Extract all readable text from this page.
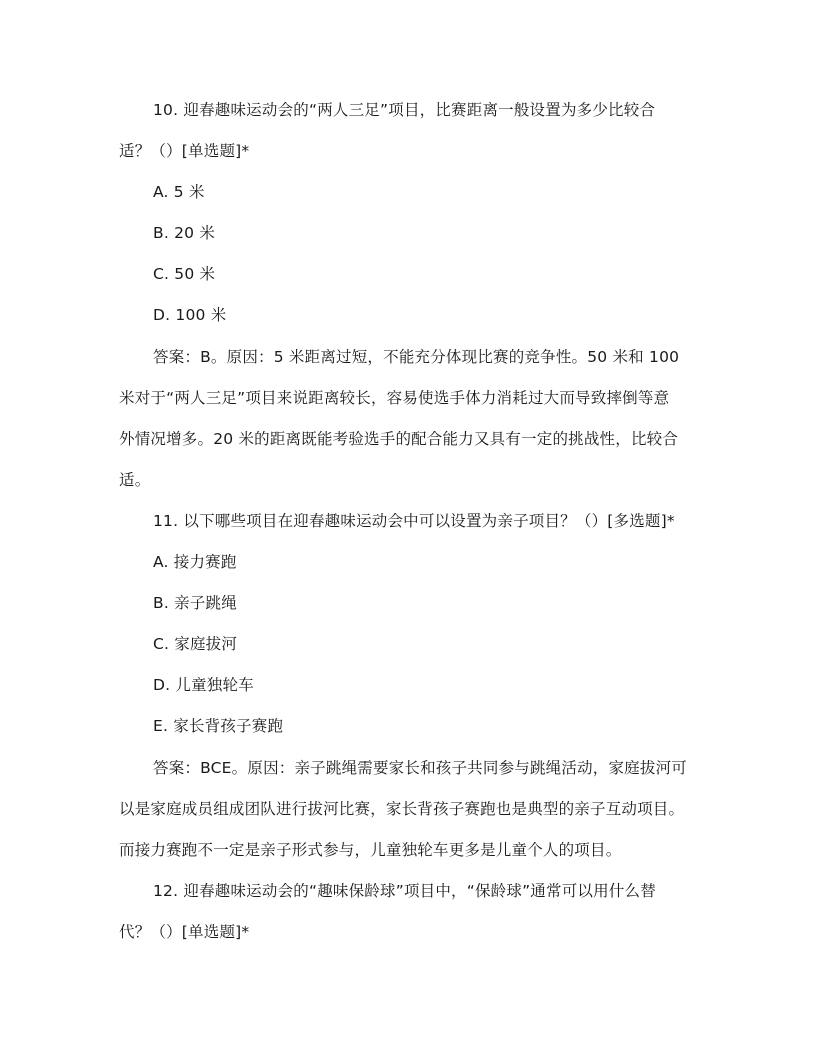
10. 迎春趣味运动会的“两人三足”项目，比赛距离一般设置为多少比较合
适？（）[单选题]*
A. 5 米
B. 20 米
C. 50 米
D. 100 米
答案：B。原因：5 米距离过短，不能充分体现比赛的竞争性。50 米和 100
米对于“两人三足”项目来说距离较长，容易使选手体力消耗过大而导致摔倒等意
外情况增多。20 米的距离既能考验选手的配合能力又具有一定的挑战性，比较合
适。
11. 以下哪些项目在迎春趣味运动会中可以设置为亲子项目？（）[多选题]*
A. 接力赛跑
B. 亲子跳绳
C. 家庭拔河
D. 儿童独轮车
E. 家长背孩子赛跑
答案：BCE。原因：亲子跳绳需要家长和孩子共同参与跳绳活动，家庭拔河可
以是家庭成员组成团队进行拔河比赛，家长背孩子赛跑也是典型的亲子互动项目。
而接力赛跑不一定是亲子形式参与，儿童独轮车更多是儿童个人的项目。
12. 迎春趣味运动会的“趣味保龄球”项目中，“保龄球”通常可以用什么替
代？（）[单选题]*
